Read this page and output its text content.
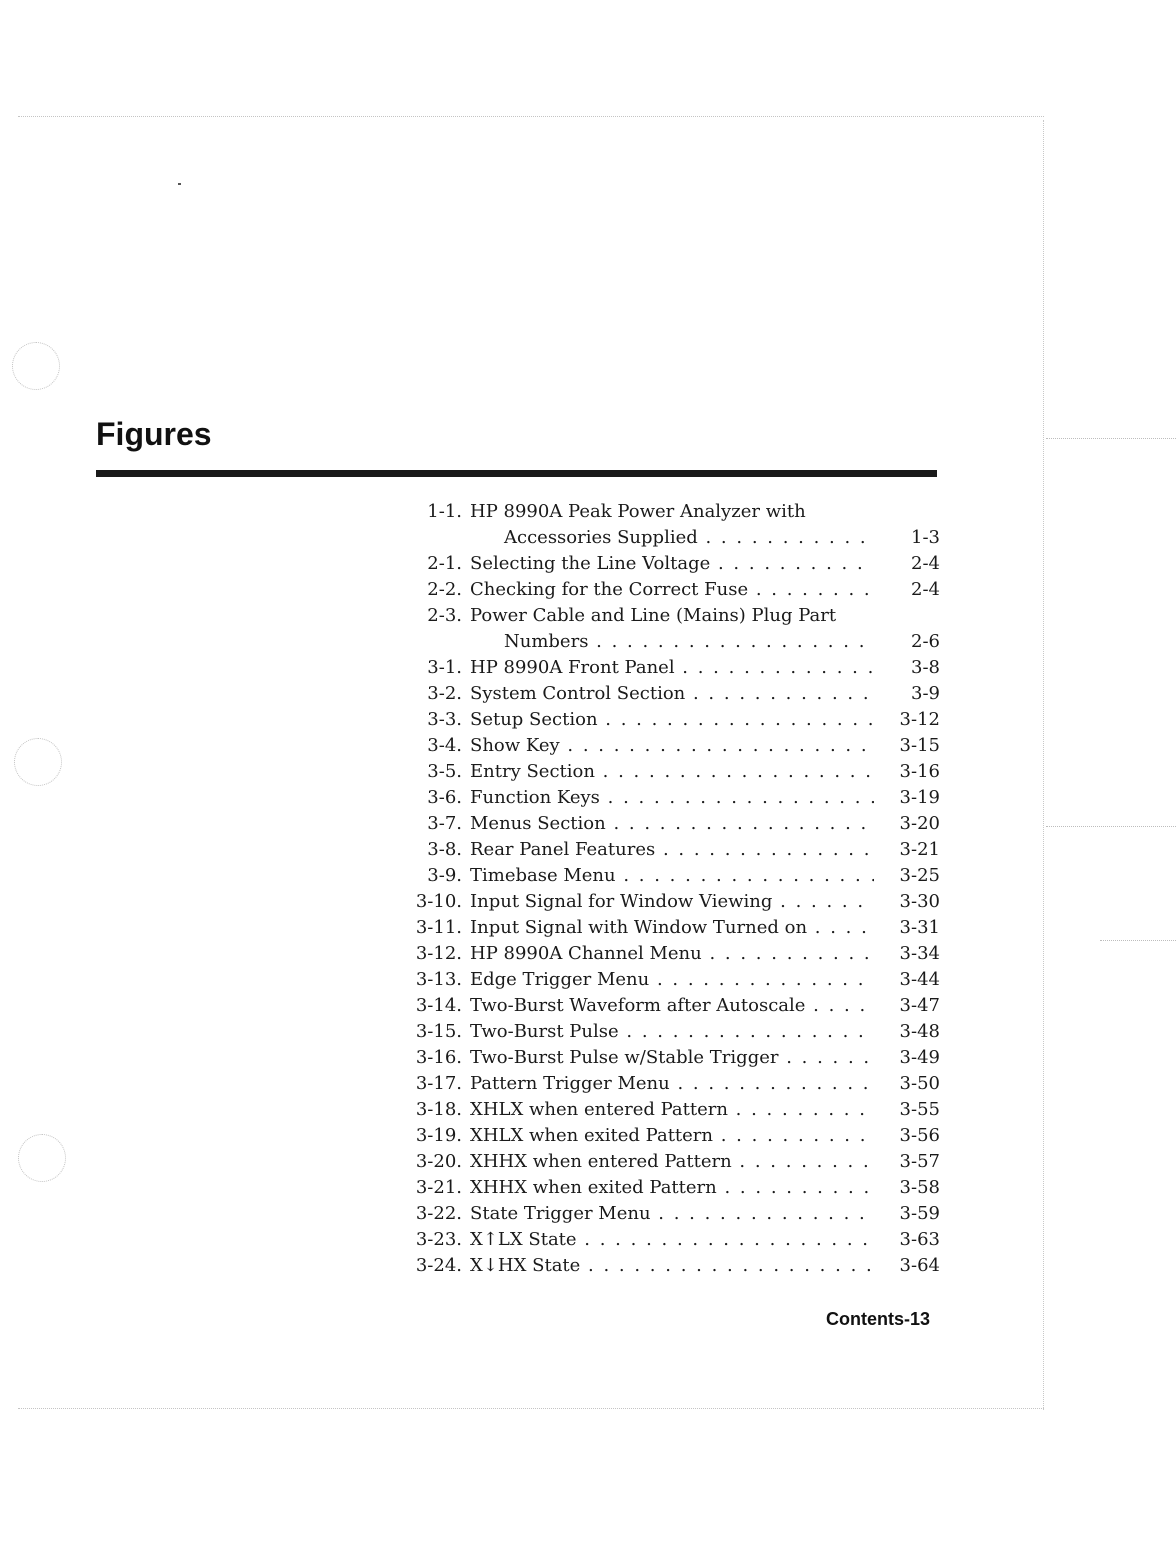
Figures
1-1. HP 8990A Peak Power Analyzer with
Accessories Supplied . . .	1-3
2-1. Selecting the Line Voltage . . .	2-4
2-2. Checking for the Correct Fuse . . .	2-4
2-3. Power Cable and Line (Mains) Plug Part
Numbers . . .	2-6
3-1. HP 8990A Front Panel . . .	3-8
3-2. System Control Section . . .	3-9
3-3. Setup Section . . .	3-12
3-4. Show Key . . .	3-15
3-5. Entry Section . . .	3-16
3-6. Function Keys . . .	3-19
3-7. Menus Section . . .	3-20
3-8. Rear Panel Features . . .	3-21
3-9. Timebase Menu . . .	3-25
3-10. Input Signal for Window Viewing . . .	3-30
3-11. Input Signal with Window Turned on . . .	3-31
3-12. HP 8990A Channel Menu . . .	3-34
3-13. Edge Trigger Menu . . .	3-44
3-14. Two-Burst Waveform after Autoscale . . .	3-47
3-15. Two-Burst Pulse . . .	3-48
3-16. Two-Burst Pulse w/Stable Trigger . . .	3-49
3-17. Pattern Trigger Menu . . .	3-50
3-18. XHLX when entered Pattern . . .	3-55
3-19. XHLX when exited Pattern . . .	3-56
3-20. XHHX when entered Pattern . . .	3-57
3-21. XHHX when exited Pattern . . .	3-58
3-22. State Trigger Menu . . .	3-59
3-23. X↑LX State . . .	3-63
3-24. X↓HX State . . .	3-64

Contents-13
